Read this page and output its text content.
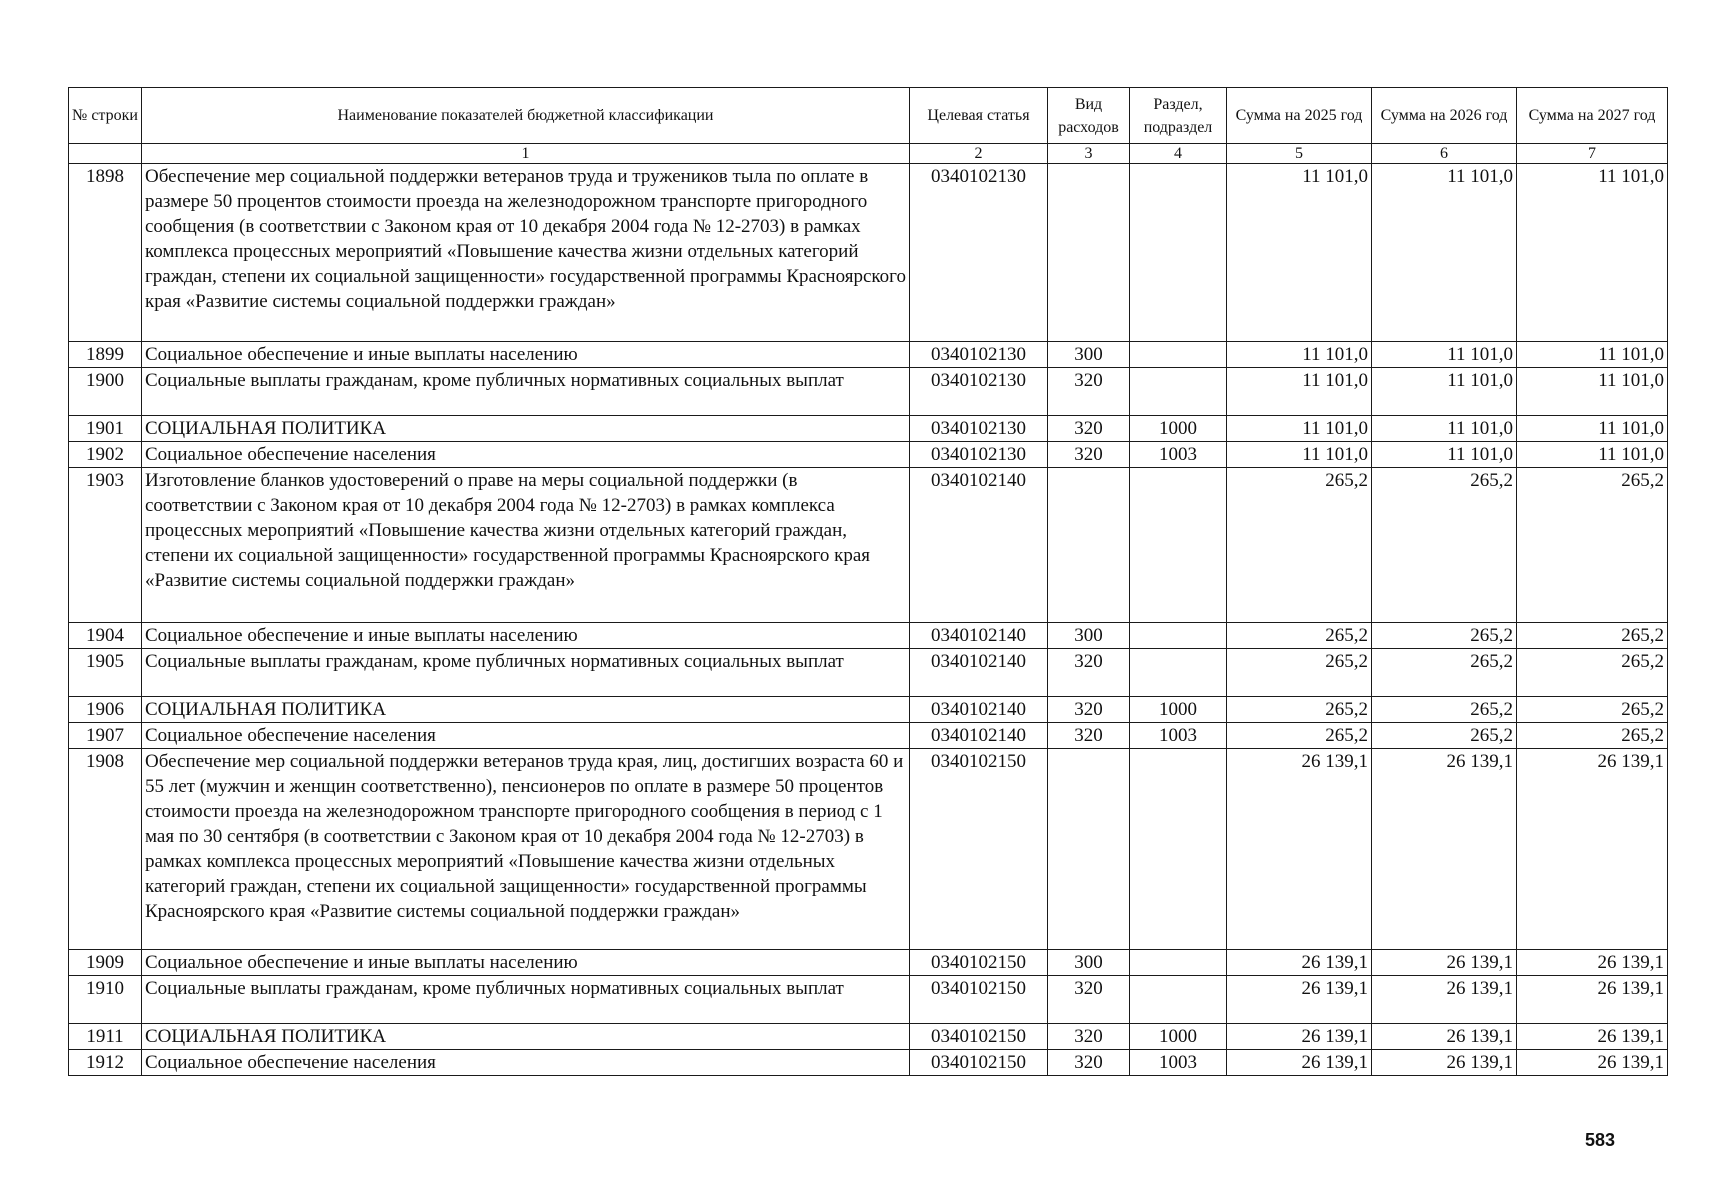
№ строки	Наименование показателей бюджетной классификации	Целевая статья	Вид расходов	Раздел, подраздел	Сумма на 2025 год	Сумма на 2026 год	Сумма на 2027 год
	1	2	3	4	5	6	7
1898	Обеспечение мер социальной поддержки ветеранов труда и тружеников тыла по оплате в размере 50 процентов стоимости проезда на железнодорожном транспорте пригородного сообщения (в соответствии с Законом края от 10 декабря 2004 года № 12-2703) в рамках комплекса процессных мероприятий «Повышение качества жизни отдельных категорий граждан, степени их социальной защищенности» государственной программы Красноярского края «Развитие системы социальной поддержки граждан»	0340102130			11 101,0	11 101,0	11 101,0
1899	Социальное обеспечение и иные выплаты населению	0340102130	300		11 101,0	11 101,0	11 101,0
1900	Социальные выплаты гражданам, кроме публичных нормативных социальных выплат	0340102130	320		11 101,0	11 101,0	11 101,0
1901	СОЦИАЛЬНАЯ ПОЛИТИКА	0340102130	320	1000	11 101,0	11 101,0	11 101,0
1902	Социальное обеспечение населения	0340102130	320	1003	11 101,0	11 101,0	11 101,0
1903	Изготовление бланков удостоверений о праве на меры социальной поддержки (в соответствии с Законом края от 10 декабря 2004 года № 12-2703) в рамках комплекса процессных мероприятий «Повышение качества жизни отдельных категорий граждан, степени их социальной защищенности» государственной программы Красноярского края «Развитие системы социальной поддержки граждан»	0340102140			265,2	265,2	265,2
1904	Социальное обеспечение и иные выплаты населению	0340102140	300		265,2	265,2	265,2
1905	Социальные выплаты гражданам, кроме публичных нормативных социальных выплат	0340102140	320		265,2	265,2	265,2
1906	СОЦИАЛЬНАЯ ПОЛИТИКА	0340102140	320	1000	265,2	265,2	265,2
1907	Социальное обеспечение населения	0340102140	320	1003	265,2	265,2	265,2
1908	Обеспечение мер социальной поддержки ветеранов труда края, лиц, достигших возраста 60 и 55 лет (мужчин и женщин соответственно), пенсионеров по оплате в размере 50 процентов стоимости проезда на железнодорожном транспорте пригородного сообщения в период с 1 мая по 30 сентября (в соответствии с Законом края от 10 декабря 2004 года № 12-2703) в рамках комплекса процессных мероприятий «Повышение качества жизни отдельных категорий граждан, степени их социальной защищенности» государственной программы Красноярского края «Развитие системы социальной поддержки граждан»	0340102150			26 139,1	26 139,1	26 139,1
1909	Социальное обеспечение и иные выплаты населению	0340102150	300		26 139,1	26 139,1	26 139,1
1910	Социальные выплаты гражданам, кроме публичных нормативных социальных выплат	0340102150	320		26 139,1	26 139,1	26 139,1
1911	СОЦИАЛЬНАЯ ПОЛИТИКА	0340102150	320	1000	26 139,1	26 139,1	26 139,1
1912	Социальное обеспечение населения	0340102150	320	1003	26 139,1	26 139,1	26 139,1
583
